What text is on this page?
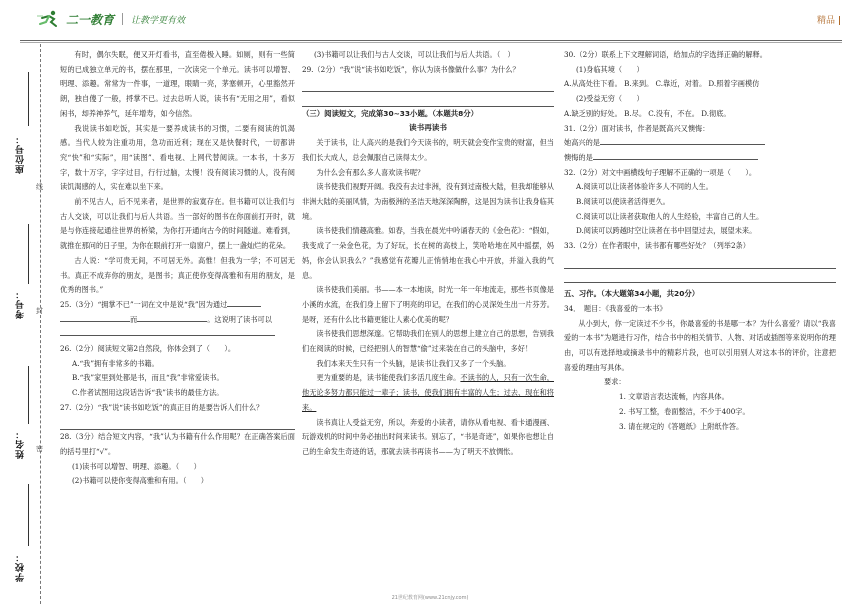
二一教育 让教学更有效	精品
线
封
密
座位号：
考号：
姓名：
学校：

有时，偶尔失眠，便又开灯看书，直至倦极入睡。如厕，则有一些简短的已成独立单元的书，摆在那里，一次读完一个单元。读书可以增智、明理、添趣。常常为一件事，一道理，眼睛一亮，茅塞顿开，心里豁然开朗，独自傻了一般，捋掌不已。过去总听人说，读书有“无用之用”，看似闲书，却养神养气，延年增寿，如今信然。

我说读书如吃饭，其实是一要养成读书的习惯，二要有阅读的饥渴感。当代人较为注重功用，急功而近利；现在又是快餐时代，一切都讲究“快”和“实际”，用“读图”、看电视、上网代替阅读。一本书，十多万字，数十万字，字字过目，行行过脑，太慢！没有阅读习惯的人，没有阅读饥渴感的人，实在难以坐下来。

前不见古人，后不见来者，是世界的寂寞存在。但书籍可以让我们与古人交谈，可以让我们与后人共语。当一部好的图书在你面前打开时，就是与你连接起通往世界的桥梁，为你打开通向古今的时间隧道。难看到，就推在那问的日子里，为你在眼前打开一扇窗户，摆上一盏灿烂的花朵。

古人说：“学可贵无间，不可居无外。高惟！但我为一学；不可居无书。真正不成弃你的朋友，是图书；真正使你变得高雅和有用的朋友，是优秀的图书。”

25.（3分）“拥掌不已”一词在文中是说“我”因为通过
而	。这说明了读书可以

26.（2分）阅读短文第2自然段，你体会到了（　　）。

A.“我”拥有非常多的书籍。

B.“我”家里到处都是书，而且“我”非常爱读书。

C.作者试图用这段话告诉“我”读书的最佳方法。

27.（2分）“我”说“读书如吃饭”的真正目的是要告诉人们什么？

28.（3分）结合短文内容，“我”认为书籍有什么作用呢？在正确答案后面的括号里打“√”。

(1)读书可以增智、明理、添趣。（　　）

(2)书籍可以使你变得高雅和有用。（　　）

(3)书籍可以让我们与古人交谈，可以让我们与后人共语。（　）

29.（2分）“我”说“读书如吃饭”，你认为读书像做什么事？为什么？

（三）阅读短文，完成第30~33小题。（本题共8分）

读书再读书

关于读书，让人高兴的是我们今天读书的，明天就会变作宝贵的财富，但当我们长大成人，总会佩服自己读得太少。

为什么会有那么多人喜欢读书呢？

读书使我们视野开阔。我没有去过非洲，没有到过南极大陆，但我却能够从非洲大陆的美丽风情，为南极洲的圣洁天地深深陶醉，这是因为读书让我身临其境。

读书使我们情趣高雅。如春，当我在晨光中吟诵春天的《金色花》：“假如，我变成了一朵金色花，为了好玩，长在树的高枝上，笑哈哈地在风中摇摆，妈妈，你会认识我么？”我感觉有花瓣儿正悄悄地在我心中开放，并溢入我的气息。

读书使我们美丽。书——本一本地读，时光一年一年地流走，那些书页像是小溪的水流，在我们身上留下了明亮的印记，在我们的心灵深处生出一片芬芳。是呀，还有什么比书籍更能让人素心优美的呢？

读书使我们思想深邃。它帮助我们在别人的思想上建立自己的思想，告别我们在阅读的时候，已经把别人的智慧“偷”过来装在自己的头脑中，多好！

我们本来天生只有一个头脑，是读书让我们又多了一个头脑。

更为重要的是，读书能使我们多活几度生命。不读书的人，只有一次生命，他无论多努力都只能过一辈子；读书，使我们拥有丰富的人生；过去、现在和将来。

读书真让人受益无穷，所以，奔爱的小读者，请你从看电视、看卡通漫画、玩游戏机的时间中务必抽出时间来读书。别忘了，“书是奇迹”，如果你也想让自己的生命发生奇迹的话，那就去读书再读书——为了明天不放惆怅。

30.（2分）联系上下文理解词语，给加点的字选择正确的解释。

(1)身临其境（　　）

A.从高处往下看。 B.来到。 C.靠近，对着。 D.照着字画模仿

(2)受益无穷（　　）

A.缺乏别的好处。 B.尽。 C.没有，不在。 D.彻底。

31.（2分）面对读书，作者是既高兴又懊悔：

她高兴的是

懊悔的是

32.（2分）对文中画横线句子理解不正确的一项是（　　）。

A.阅读可以让读者体验许多人不同的人生。

B.阅读可以使读者活得更久。

C.阅读可以让读者获取他人的人生经验，丰富自己的人生。

D.阅读可以跨越时空让读者在书中回望过去，展望未来。

33.（2分）在作者眼中，读书都有哪些好处？（列举2条）

五、习作。（本大题第34小题，共20分）

34．　题目：《我喜爱的一本书》

从小到大，你一定读过不少书，你最喜爱的书是哪一本？为什么喜爱？请以“我喜爱的一本书”为题进行习作，结合书中的相关情节、人物、对话或插图等来说明你的理由，可以有选择地或摘录书中的精彩片段，也可以引用别人对这本书的评价，注意把喜爱的理由写具体。

要求：

1. 文章语言表达流畅，内容具体。

2. 书写工整，卷面整洁，不少于400字。

3. 请在规定的《答题纸》上附纸作答。

21世纪教育网(www.21cnjy.com)
